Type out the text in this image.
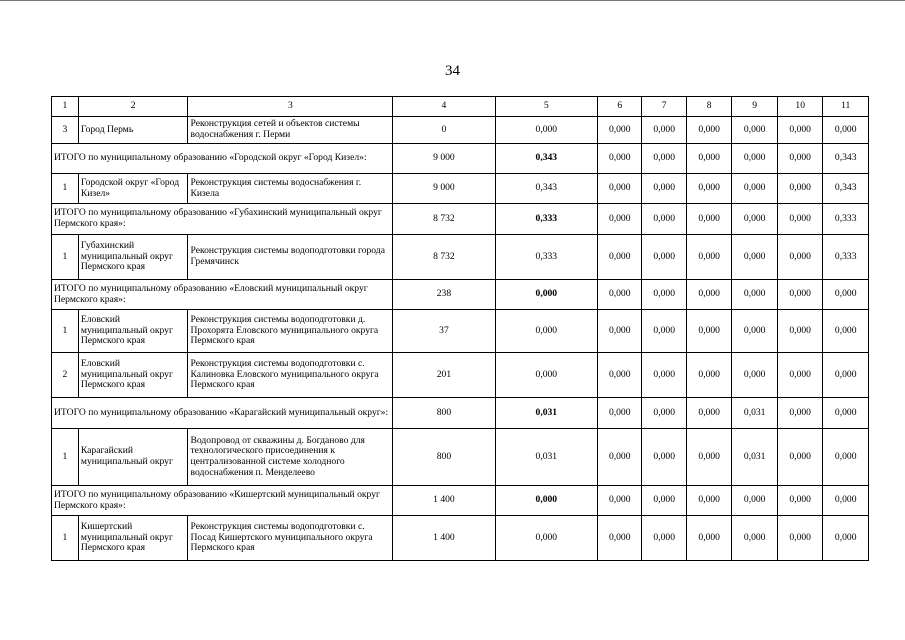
34
1	2	3	4	5	6	7	8	9	10	11
3	Город Пермь	Реконструкция сетей и объектов системы водоснабжения г. Перми	0	0,000	0,000	0,000	0,000	0,000	0,000	0,000
ИТОГО по муниципальному образованию «Городской округ «Город Кизел»:			9 000	0,343	0,000	0,000	0,000	0,000	0,000	0,343
1	Городской округ «Город Кизел»	Реконструкция системы водоснабжения г. Кизела	9 000	0,343	0,000	0,000	0,000	0,000	0,000	0,343
ИТОГО по муниципальному образованию «Губахинский муниципальный округ Пермского края»:			8 732	0,333	0,000	0,000	0,000	0,000	0,000	0,333
1	Губахинский муниципальный округ Пермского края	Реконструкция системы водоподготовки города Гремячинск	8 732	0,333	0,000	0,000	0,000	0,000	0,000	0,333
ИТОГО по муниципальному образованию «Еловский муниципальный округ Пермского края»:			238	0,000	0,000	0,000	0,000	0,000	0,000	0,000
1	Еловский муниципальный округ Пермского края	Реконструкция системы водоподготовки д. Прохорята Еловского муниципального округа Пермского края	37	0,000	0,000	0,000	0,000	0,000	0,000	0,000
2	Еловский муниципальный округ Пермского края	Реконструкция системы водоподготовки с. Калиновка Еловского муниципального округа Пермского края	201	0,000	0,000	0,000	0,000	0,000	0,000	0,000
ИТОГО по муниципальному образованию «Карагайский муниципальный округ»:			800	0,031	0,000	0,000	0,000	0,031	0,000	0,000
1	Карагайский муниципальный округ	Водопровод от скважины д. Богданово для технологического присоединения к централизованной системе холодного водоснабжения п. Менделеево	800	0,031	0,000	0,000	0,000	0,031	0,000	0,000
ИТОГО по муниципальному образованию «Кишертский муниципальный округ Пермского края»:			1 400	0,000	0,000	0,000	0,000	0,000	0,000	0,000
1	Кишертский муниципальный округ Пермского края	Реконструкция системы водоподготовки с. Посад Кишертского муниципального округа Пермского края	1 400	0,000	0,000	0,000	0,000	0,000	0,000	0,000
